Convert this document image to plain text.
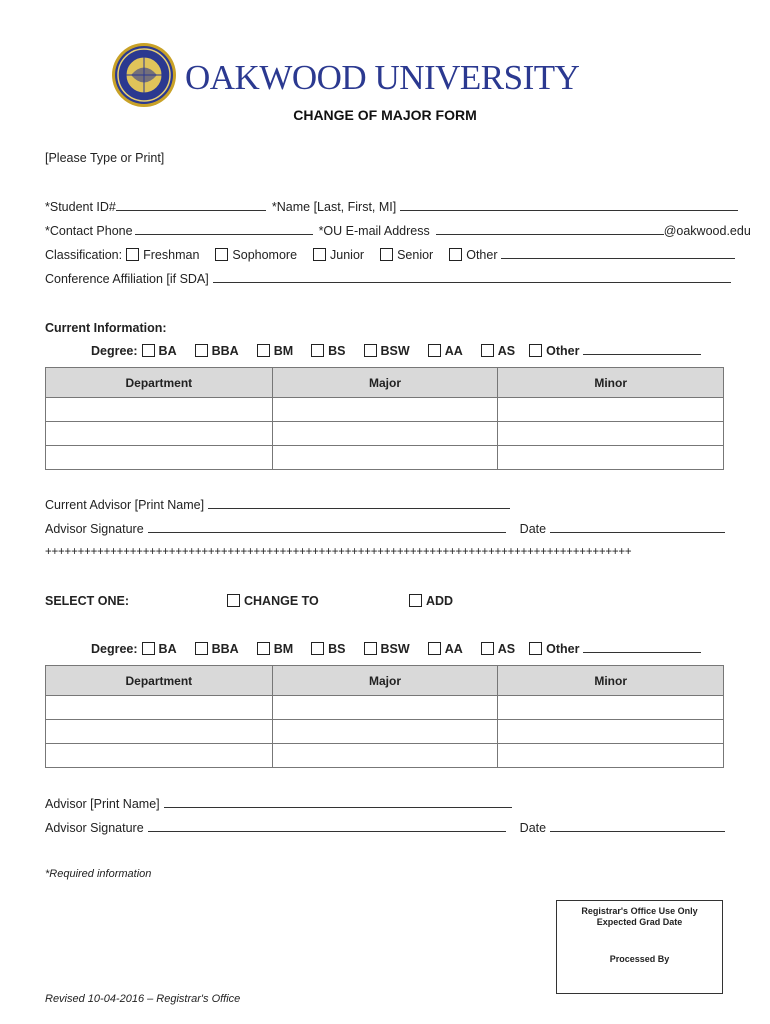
OAKWOOD UNIVERSITY
CHANGE OF MAJOR FORM
[Please Type or Print]
*Student ID#	*Name [Last, First, MI]
*Contact Phone	*OU E-mail Address	@oakwood.edu
Classification:	Freshman	Sophomore	Junior	Senior	Other
Conference Affiliation [if SDA]
Current Information:
Degree:	BA	BBA	BM	BS	BSW	AA	AS	Other
Department	Major	Minor

Current Advisor [Print Name]
Advisor Signature	Date
++++++++++++++++++++++++++++++++++++++++++++++++++++++++++++++++++++++++++++++++++++++++++
SELECT ONE:	CHANGE TO	ADD
Degree:	BA	BBA	BM	BS	BSW	AA	AS	Other
Department	Major	Minor

Advisor [Print Name]
Advisor Signature	Date
*Required information
Registrar's Office Use Only
Expected Grad Date
Processed By
Revised 10-04-2016 – Registrar's Office
